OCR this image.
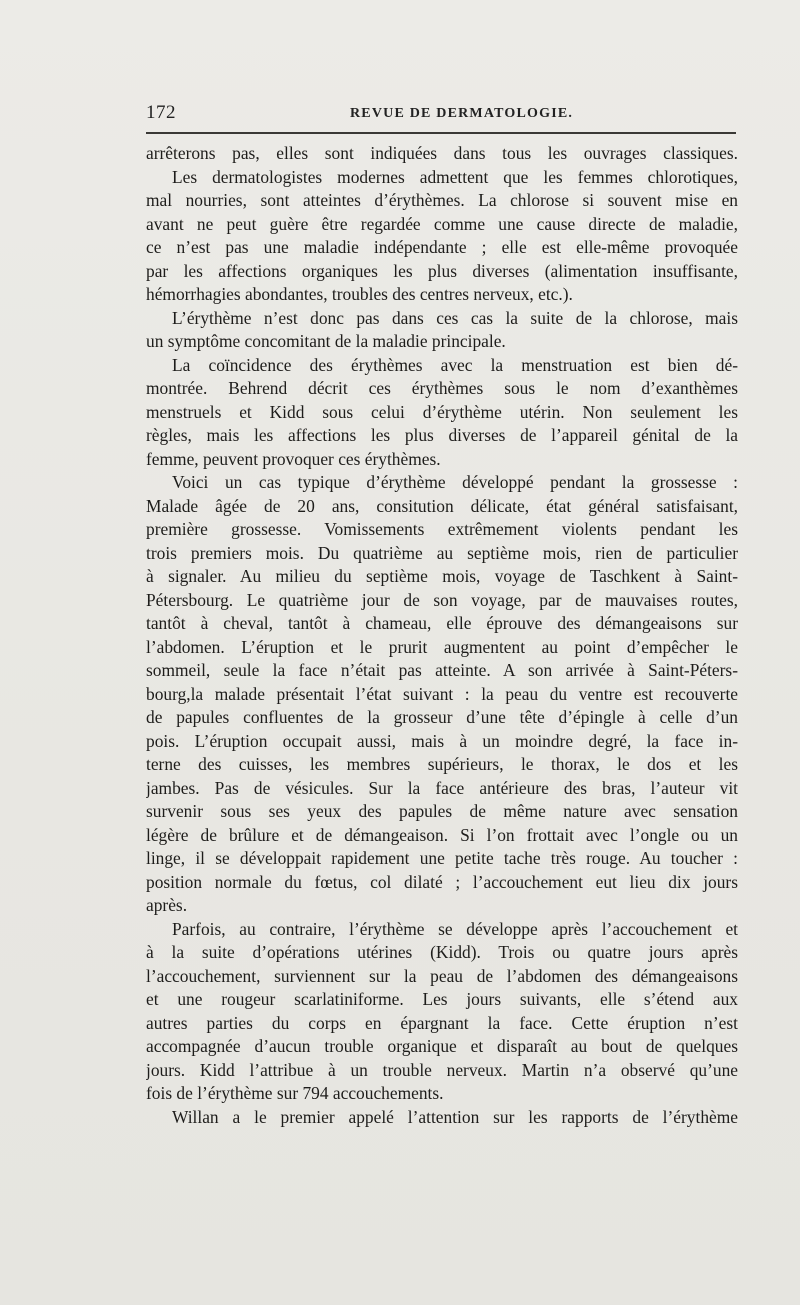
172	REVUE DE DERMATOLOGIE.
arrêterons pas, elles sont indiquées dans tous les ouvrages classiques.
Les dermatologistes modernes admettent que les femmes chlorotiques,
mal nourries, sont atteintes d’érythèmes. La chlorose si souvent mise en
avant ne peut guère être regardée comme une cause directe de maladie,
ce n’est pas une maladie indépendante ; elle est elle-même provoquée
par les affections organiques les plus diverses (alimentation insuffisante,
hémorrhagies abondantes, troubles des centres nerveux, etc.).
L’érythème n’est donc pas dans ces cas la suite de la chlorose, mais
un symptôme concomitant de la maladie principale.
La coïncidence des érythèmes avec la menstruation est bien dé-
montrée. Behrend décrit ces érythèmes sous le nom d’exanthèmes
menstruels et Kidd sous celui d’érythème utérin. Non seulement les
règles, mais les affections les plus diverses de l’appareil génital de la
femme, peuvent provoquer ces érythèmes.
Voici un cas typique d’érythème développé pendant la grossesse :
Malade âgée de 20 ans, consitution délicate, état général satisfaisant,
première grossesse. Vomissements extrêmement violents pendant les
trois premiers mois. Du quatrième au septième mois, rien de particulier
à signaler. Au milieu du septième mois, voyage de Taschkent à Saint-
Pétersbourg. Le quatrième jour de son voyage, par de mauvaises routes,
tantôt à cheval, tantôt à chameau, elle éprouve des démangeaisons sur
l’abdomen. L’éruption et le prurit augmentent au point d’empêcher le
sommeil, seule la face n’était pas atteinte. A son arrivée à Saint-Péters-
bourg,la malade présentait l’état suivant : la peau du ventre est recouverte
de papules confluentes de la grosseur d’une tête d’épingle à celle d’un
pois. L’éruption occupait aussi, mais à un moindre degré, la face in-
terne des cuisses, les membres supérieurs, le thorax, le dos et les
jambes. Pas de vésicules. Sur la face antérieure des bras, l’auteur vit
survenir sous ses yeux des papules de même nature avec sensation
légère de brûlure et de démangeaison. Si l’on frottait avec l’ongle ou un
linge, il se développait rapidement une petite tache très rouge. Au toucher :
position normale du fœtus, col dilaté ; l’accouchement eut lieu dix jours
après.
Parfois, au contraire, l’érythème se développe après l’accouchement et
à la suite d’opérations utérines (Kidd). Trois ou quatre jours après
l’accouchement, surviennent sur la peau de l’abdomen des démangeaisons
et une rougeur scarlatiniforme. Les jours suivants, elle s’étend aux
autres parties du corps en épargnant la face. Cette éruption n’est
accompagnée d’aucun trouble organique et disparaît au bout de quelques
jours. Kidd l’attribue à un trouble nerveux. Martin n’a observé qu’une
fois de l’érythème sur 794 accouchements.
Willan a le premier appelé l’attention sur les rapports de l’érythème
